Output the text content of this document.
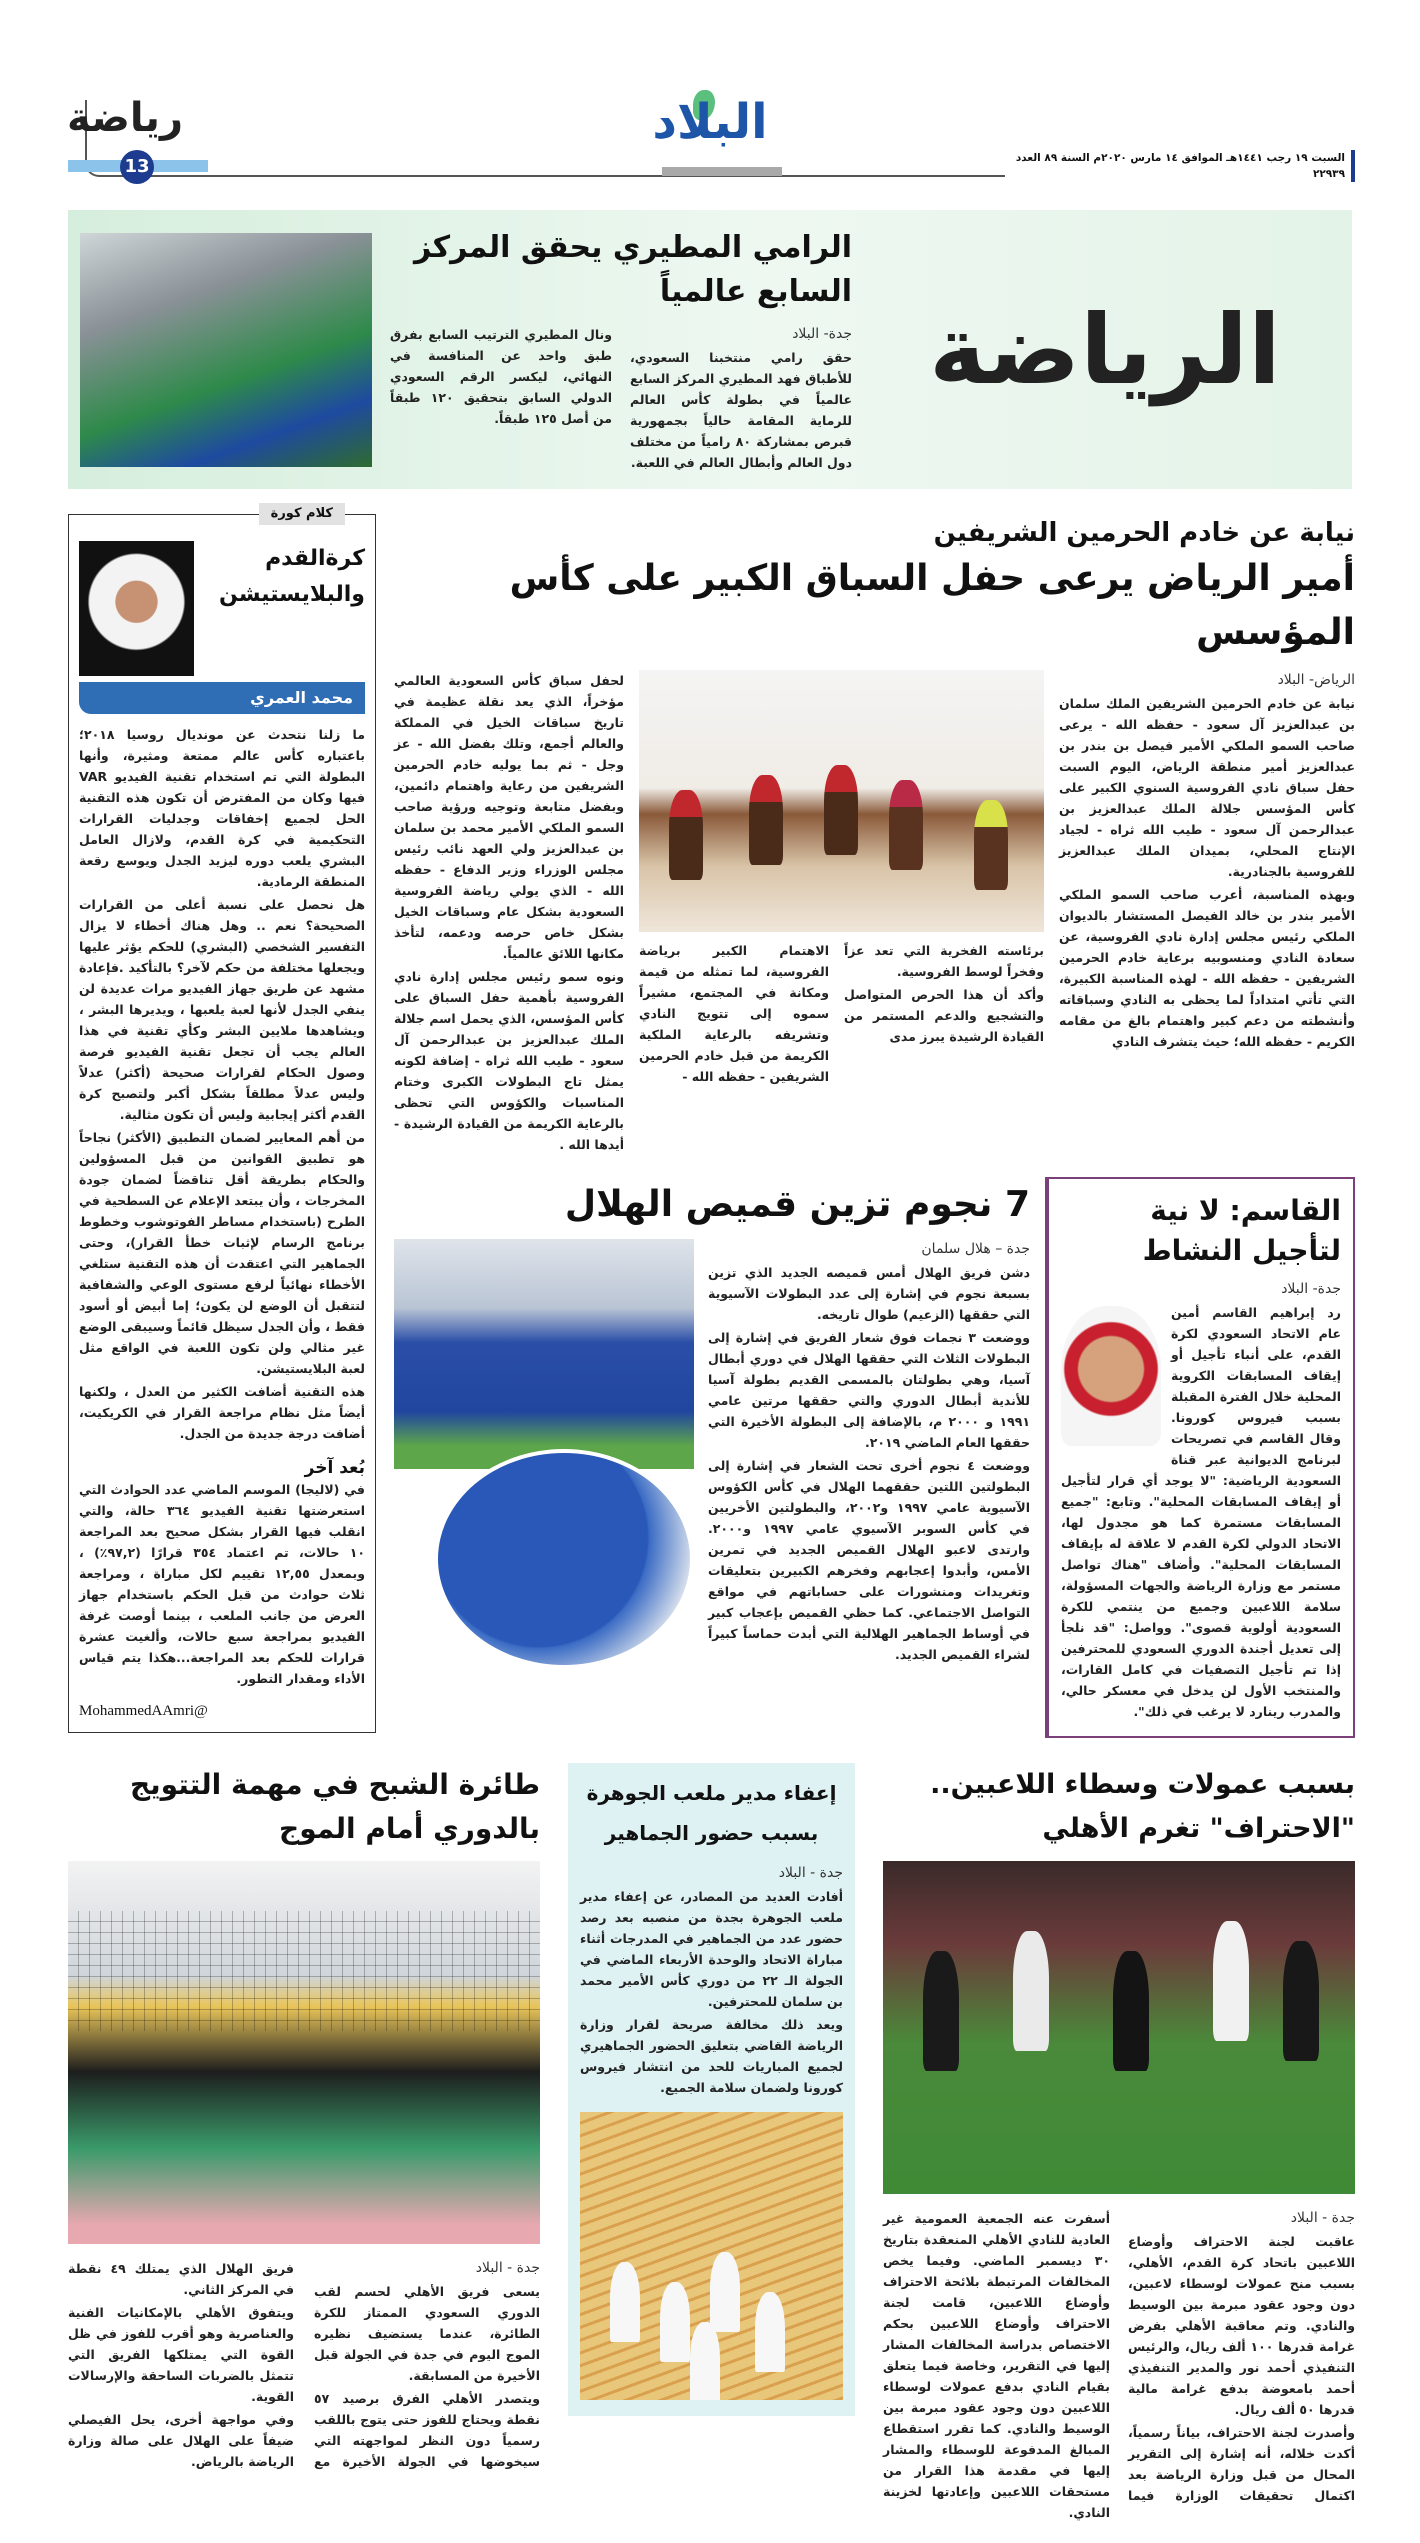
السبت ١٩ رجب ١٤٤١هـ الموافق ١٤ مارس ٢٠٢٠م السنة ٨٩ العدد ٢٢٩٣٩
البلاد
رياضة
13
الرامي المطيري يحقق المركز السابع عالمياً
جدة- البلاد

حقق رامي منتخبنا السعودي، للأطباق فهد المطيري المركز السابع عالمياً في بطولة كأس العالم للرماية المقامة حالياً بجمهورية قبرص بمشاركة ٨٠ رامياً من مختلف دول العالم وأبطال العالم في اللعبة.

ونال المطيري الترتيب السابع بفرق طبق واحد عن المنافسة في النهائي، ليكسر الرقم السعودي الدولي السابق بتحقيق ١٢٠ طبقاً من أصل ١٢٥ طبقاً.

الرياضة
كلام كورة
كرةالقدم والبلايستيشن
محمد العمري

ما زلنا نتحدث عن مونديال روسيا ٢٠١٨؛ باعتباره كأس عالم ممتعة ومثيرة، وأنها البطولة التي تم استخدام تقنية الفيديو VAR فيها وكان من المفترض أن تكون هذه التقنية الحل لجميع إخفاقات وجدليات القرارات التحكيمية في كرة القدم، ولازال العامل البشري يلعب دوره ليزيد الجدل ويوسع رقعة المنطقة الرمادية.

هل نحصل على نسبة أعلى من القرارات الصحيحة؟ نعم .. وهل هناك أخطاء لا يزال التفسير الشخصي (البشري) للحكم يؤثر عليها ويجعلها مختلفة من حكم لآخر؟ بالتأكيد .فإعادة مشهد عن طريق جهاز الفيديو مرات عديدة لن ينفي الجدل لأنها لعبة يلعبها ، ويديرها البشر ، ويشاهدها ملايين البشر وكأي تقنية في هذا العالم يجب أن تجعل تقنية الفيديو فرصة وصول الحكام لقرارات صحيحة (أكثر) عدلاً وليس عدلاً مطلقاً بشكل أكبر ولتصبح كرة القدم أكثر إيجابية وليس أن تكون مثالية.

من أهم المعايير لضمان التطبيق (الأكثر) نجاحاً هو تطبيق القوانين من قبل المسؤولين والحكام بطريقة أقل تناقضاً لضمان جودة المخرجات ، وأن يبتعد الإعلام عن السطحية في الطرح (باستخدام مساطر الفوتوشوب وخطوط برنامج الرسام لإثبات خطأ القرار)، وحتى الجماهير التي اعتقدت أن هذه التقنية ستلغي الأخطاء نهائياً لرفع مستوى الوعي والشفافية لتتقبل أن الوضع لن يكون؛ إما أبيض أو أسود فقط ، وأن الجدل سيظل قائماً وسيبقى الوضع غير مثالي ولن تكون اللعبة في الواقع مثل لعبة البلايستيشن.

هذه التقنية أضافت الكثير من العدل ، ولكنها أيضاً مثل نظام مراجعة القرار في الكريكيت، أضافت درجة جديدة من الجدل.

بُعد آخر

في (لاليجا) الموسم الماضي عدد الحوادث التي استعرضتها تقنية الفيديو ٣٦٤ حالة، والتي انقلب فيها القرار بشكل صحيح بعد المراجعة ١٠ حالات، تم اعتماد ٣٥٤ قرارًا (٩٧,٢٪) ، وبمعدل ١٢,٥٥ تقييم لكل مباراة ، ومراجعة ثلاث حوادث من قبل الحكم باستخدام جهاز العرض من جانب الملعب ، بينما أوصت غرفة الفيديو بمراجعة سبع حالات، وألغيت عشرة قرارات للحكم بعد المراجعة...هكذا يتم قياس الأداء ومقدار التطور.

MohammedAAmri@
نيابة عن خادم الحرمين الشريفين
أمير الرياض يرعى حفل السباق الكبير على كأس المؤسس

لحفل سباق كأس السعودية العالمي مؤخراً، الذي يعد نقلة عظيمة في تاريخ سباقات الخيل في المملكة والعالم أجمع، وتلك بفضل الله - عز وجل - ثم بما يوليه خادم الحرمين الشريفين من رعاية واهتمام دائمين، وبفضل متابعة وتوجيه ورؤية صاحب السمو الملكي الأمير محمد بن سلمان بن عبدالعزيز ولي العهد نائب رئيس مجلس الوزراء وزير الدفاع - حفظه الله - الذي يولي رياضة الفروسية السعودية بشكل عام وسباقات الخيل بشكل خاص حرصه ودعمه، لتأخذ مكانها اللائق عالمياً.

ونوه سمو رئيس مجلس إدارة نادي الفروسية بأهمية حفل السباق على كأس المؤسس، الذي يحمل اسم جلالة الملك عبدالعزيز بن عبدالرحمن آل سعود - طيب الله ثراه - إضافة لكونه يمثل تاج البطولات الكبرى وختام المناسبات والكؤوس التي تحظى بالرعاية الكريمة من القيادة الرشيدة - أيدها الله .

الاهتمام الكبير برياضة الفروسية، لما تمثله من قيمة ومكانة في المجتمع، مشيراً سموه إلى تتويج النادي وتشريفه بالرعاية الملكية الكريمة من قبل خادم الحرمين الشريفين - حفظه الله -

برئاسته الفخرية التي تعد عزاً وفخراً لوسط الفروسية.

وأكد أن هذا الحرص المتواصل والتشجيع والدعم المستمر من القيادة الرشيدة يبرز مدى

الرياض- البلاد

نيابة عن خادم الحرمين الشريفين الملك سلمان بن عبدالعزيز آل سعود - حفظه الله - يرعى صاحب السمو الملكي الأمير فيصل بن بندر بن عبدالعزيز أمير منطقة الرياض، اليوم السبت حفل سباق نادي الفروسية السنوي الكبير على كأس المؤسس جلالة الملك عبدالعزيز بن عبدالرحمن آل سعود - طيب الله ثراه - لجياد الإنتاج المحلي، بميدان الملك عبدالعزيز للفروسية بالجنادرية.

وبهذه المناسبة، أعرب صاحب السمو الملكي الأمير بندر بن خالد الفيصل المستشار بالديوان الملكي رئيس مجلس إدارة نادي الفروسية، عن سعادة النادي ومنسوبيه برعاية خادم الحرمين الشريفين - حفظه الله - لهذه المناسبة الكبيرة، التي تأتي امتداداً لما يحظى به النادي وسباقاته وأنشطته من دعم كبير واهتمام بالغ من مقامه الكريم - حفظه الله؛ حيث يتشرف النادي

7 نجوم تزين قميص الهلال
جدة – هلال سلمان

دشن فريق الهلال أمس قميصه الجديد الذي تزين بسبعة نجوم في إشارة إلى عدد البطولات الآسيوية التي حققها (الزعيم) طوال تاريخه.

ووضعت ٣ نجمات فوق شعار الفريق في إشارة إلى البطولات الثلاث التي حققها الهلال في دوري أبطال آسيا، وهي بطولتان بالمسمى القديم بطولة آسيا للأندية أبطال الدوري والتي حققها مرتين عامي ١٩٩١ و ٢٠٠٠ م، بالإضافة إلى البطولة الأخيرة التي حققها العام الماضي ٢٠١٩.

ووضعت ٤ نجوم أخرى تحت الشعار في إشارة إلى البطولتين اللتين حققهما الهلال في كأس الكؤوس الآسيوية عامي ١٩٩٧ و٢٠٠٢، والبطولتين الأخريين في كأس السوبر الآسيوي عامي ١٩٩٧ و٢٠٠٠. وارتدى لاعبو الهلال القميص الجديد في تمرين الأمس، وأبدوا إعجابهم وفخرهم الكبيرين بتعليقات وتغريدات ومنشورات على حساباتهم في مواقع التواصل الاجتماعي. كما حظي القميص بإعجاب كبير في أوساط الجماهير الهلالية التي أبدت حماساً كبيراً لشراء القميص الجديد.

القاسم: لا نية لتأجيل النشاط
جدة- البلاد

رد إبراهيم القاسم أمين عام الاتحاد السعودي لكرة القدم، على أنباء تأجيل أو إيقاف المسابقات الكروية المحلية خلال الفترة المقبلة بسبب فيروس كورونا. وقال القاسم في تصريحات لبرنامج الديوانية عبر قناة السعودية الرياضية: "لا يوجد أي قرار لتأجيل أو إيقاف المسابقات المحلية". وتابع: "جميع المسابقات مستمرة كما هو مجدول لها، الاتحاد الدولي لكرة القدم لا علاقة له بإيقاف المسابقات المحلية". وأضاف "هناك تواصل مستمر مع وزارة الرياضة والجهات المسؤولة، سلامة اللاعبين وجميع من ينتمي للكرة السعودية أولوية قصوى". وواصل: "قد نلجأ إلى تعديل أجندة الدوري السعودي للمحترفين إذا تم تأجيل التصفيات في كامل القارات، والمنتخب الأول لن يدخل في معسكر حالي، والمدرب رينارد لا يرغب في ذلك".

طائرة الشبح في مهمة التتويج بالدوري أمام الموج
جدة - البلاد

يسعى فريق الأهلي لحسم لقب الدوري السعودي الممتاز للكرة الطائرة، عندما يستضيف نظيره الموج اليوم في جدة في الجولة قبل الأخيرة من المسابقة.

ويتصدر الأهلي الفرق برصيد ٥٧ نقطة ويحتاج للفوز حتى يتوج باللقب رسمياً دون النظر لمواجهته التي سيخوضها في الجولة الأخيرة مع فريق الهلال الذي يمتلك ٤٩ نقطة في المركز الثاني.

ويتفوق الأهلي بالإمكانيات الفنية والعناصرية وهو أقرب للفوز في ظل القوة التي يمتلكها الفريق التي تتمثل بالضربات الساحقة والإرسالات القوية.

وفي مواجهة أخرى، يحل الفيصلي ضيفاً على الهلال على صالة وزارة الرياضة بالرياض.

إعفاء مدير ملعب الجوهرة بسبب حضور الجماهير
جدة - البلاد

أفادت العديد من المصادر، عن إعفاء مدير ملعب الجوهرة بجدة من منصبه بعد رصد حضور عدد من الجماهير في المدرجات أثناء مباراة الاتحاد والوحدة الأربعاء الماضي في الجولة الـ ٢٢ من دوري كأس الأمير محمد بن سلمان للمحترفين.

ويعد ذلك مخالفة صريحة لقرار وزارة الرياضة القاضي بتعليق الحضور الجماهيري لجميع المباريات للحد من انتشار فيروس كورونا ولضمان سلامة الجميع.

بسبب عمولات وسطاء اللاعبين.. "الاحتراف" تغرم الأهلي
جدة - البلاد

عاقبت لجنة الاحتراف وأوضاع اللاعبين باتحاد كرة القدم، الأهلي، بسبب منح عمولات لوسطاء لاعبين، دون وجود عقود مبرمة بين الوسيط والنادي. وتم معاقبة الأهلي بفرض غرامة قدرها ١٠٠ ألف ريال، والرئيس التنفيذي أحمد نور والمدير التنفيذي أحمد بامعوضة بدفع غرامة مالية قدرها ٥٠ ألف ريال.

وأصدرت لجنة الاحتراف، بياناً رسمياً، أكدت خلاله، أنه إشارة إلى التقرير المحال من قبل وزارة الرياضة بعد اكتمال تحقيقات الوزارة فيما أسفرت عنه الجمعية العمومية غير العادية للنادي الأهلي المنعقدة بتاريخ ٣٠ ديسمبر الماضي. وفيما يخص المخالفات المرتبطة بلائحة الاحتراف وأوضاع اللاعبين، قامت لجنة الاحتراف وأوضاع اللاعبين بحكم الاختصاص بدراسة المخالفات المشار إليها في التقرير، وخاصة فيما يتعلق بقيام النادي بدفع عمولات لوسطاء اللاعبين دون وجود عقود مبرمة بين الوسيط والنادي. كما تقرر استقطاع المبالغ المدفوعة للوسطاء والمشار إليها في مقدمة هذا القرار من مستحقات اللاعبين وإعادتها لخزينة النادي.
